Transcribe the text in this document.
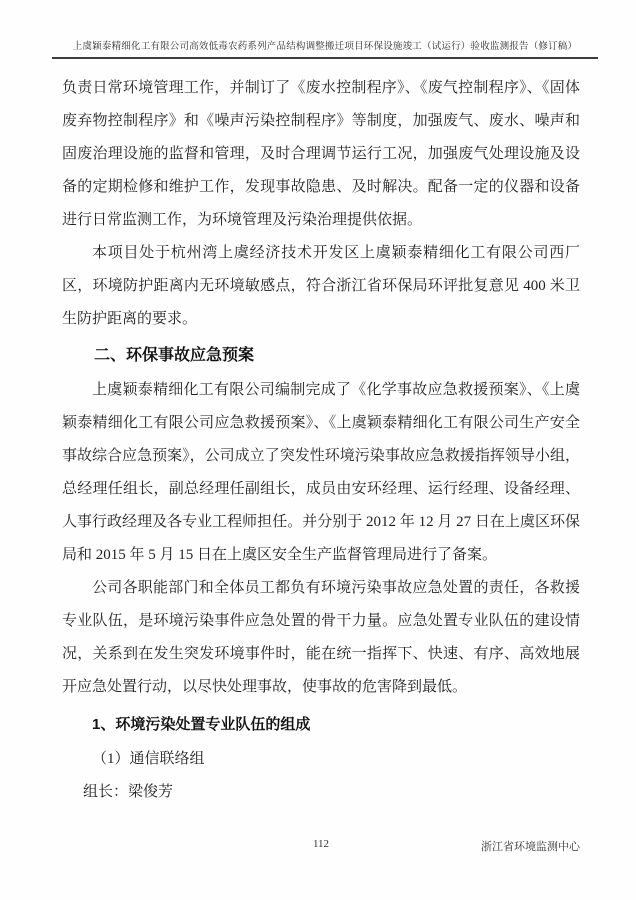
上虞颖泰精细化工有限公司高效低毒农药系列产品结构调整搬迁项目环保设施竣工（试运行）验收监测报告（修订稿）

负责日常环境管理工作，并制订了《废水控制程序》、《废气控制程序》、《固体废弃物控制程序》和《噪声污染控制程序》等制度，加强废气、废水、噪声和固废治理设施的监督和管理，及时合理调节运行工况，加强废气处理设施及设备的定期检修和维护工作，发现事故隐患、及时解决。配备一定的仪器和设备进行日常监测工作，为环境管理及污染治理提供依据。

本项目处于杭州湾上虞经济技术开发区上虞颖泰精细化工有限公司西厂区，环境防护距离内无环境敏感点，符合浙江省环保局环评批复意见 400 米卫生防护距离的要求。

二、环保事故应急预案

上虞颖泰精细化工有限公司编制完成了《化学事故应急救援预案》、《上虞颖泰精细化工有限公司应急救援预案》、《上虞颖泰精细化工有限公司生产安全事故综合应急预案》，公司成立了突发性环境污染事故应急救援指挥领导小组，总经理任组长，副总经理任副组长，成员由安环经理、运行经理、设备经理、人事行政经理及各专业工程师担任。并分别于 2012 年 12 月 27 日在上虞区环保局和 2015 年 5 月 15 日在上虞区安全生产监督管理局进行了备案。

公司各职能部门和全体员工都负有环境污染事故应急处置的责任，各救援专业队伍，是环境污染事件应急处置的骨干力量。应急处置专业队伍的建设情况，关系到在发生突发环境事件时，能在统一指挥下、快速、有序、高效地展开应急处置行动，以尽快处理事故，使事故的危害降到最低。

1、环境污染处置专业队伍的组成

（1）通信联络组

组长：梁俊芳

112	浙江省环境监测中心
